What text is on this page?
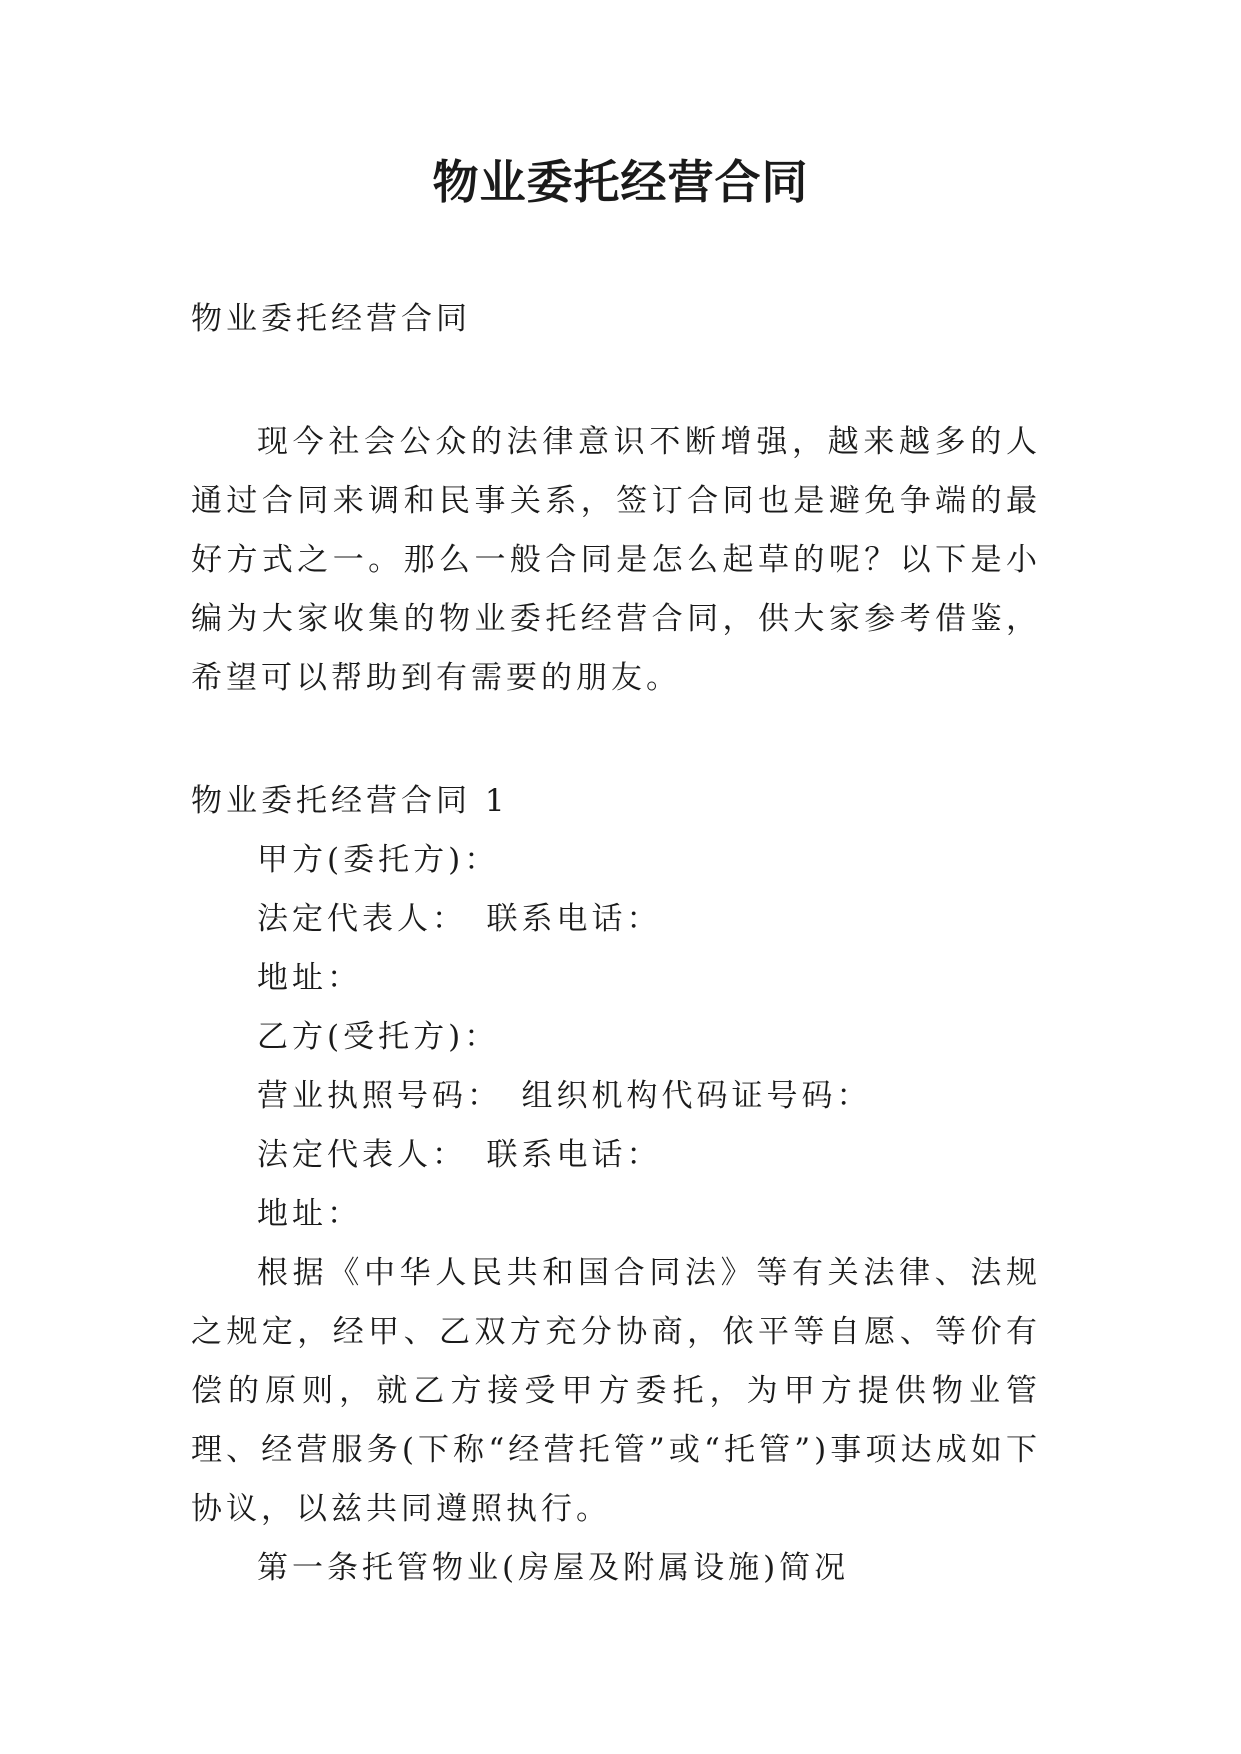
物业委托经营合同

物业委托经营合同

现今社会公众的法律意识不断增强，越来越多的人通过合同来调和民事关系，签订合同也是避免争端的最好方式之一。那么一般合同是怎么起草的呢？以下是小编为大家收集的物业委托经营合同，供大家参考借鉴，希望可以帮助到有需要的朋友。

物业委托经营合同 1

甲方(委托方)：

法定代表人：　联系电话：

地址：

乙方(受托方)：

营业执照号码：　组织机构代码证号码：

法定代表人：　联系电话：

地址：

根据《中华人民共和国合同法》等有关法律、法规之规定，经甲、乙双方充分协商，依平等自愿、等价有偿的原则，就乙方接受甲方委托，为甲方提供物业管理、经营服务(下称“经营托管”或“托管”)事项达成如下协议，以兹共同遵照执行。

第一条托管物业(房屋及附属设施)简况
